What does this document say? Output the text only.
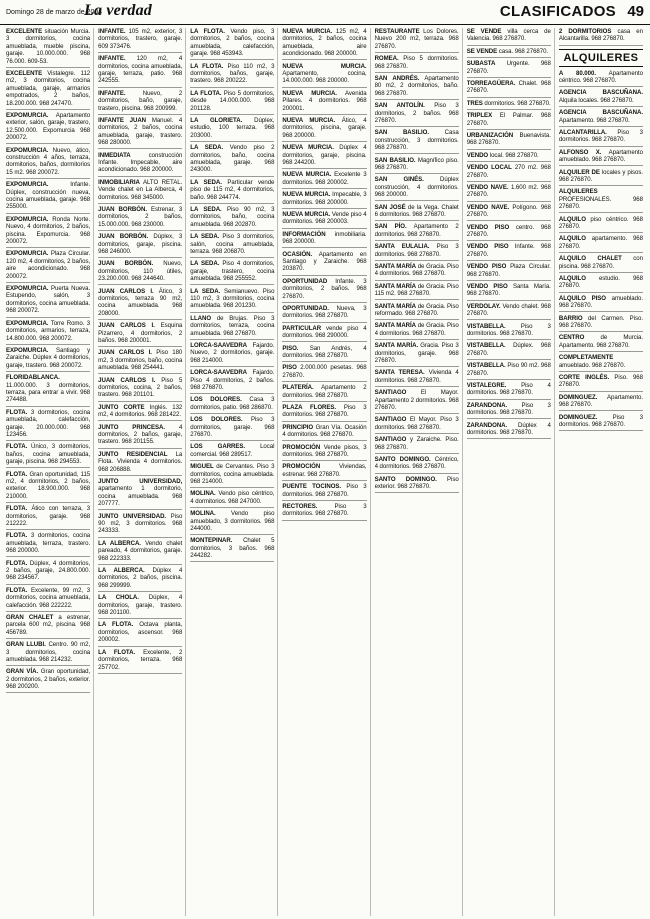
Domingo 28 de marzo de 2004
La verdad	CLASIFICADOS 49
EXCELENTE situación Murcia. 3 dormitorios, cocina amueblada, mueble piscina, garaje. 10.000.000. 968 76.000. 609-53.
EXCELENTE Vistalegre. 112 m2, 3 dormitorios, cocina amueblada, garaje, armarios empotrados, 2 baños, 18.200.000. 968 247470.
EXPOMURCIA. Apartamento exterior, salón, garaje, trastero, 12.500.000. Expomurcia 968 200072.
EXPOMURCIA. Nuevo, ático, construcción 4 años, terraza, dormitorios, baños, dormitorios 15 m2. 968 200072.
EXPOMURCIA.	Infante. Dúplex, construcción nueva, cocina amueblada, garaje. 968 255000.
EXPOMURCIA. Ronda Norte. Nuevo, 4 dormitorios, 2 baños, piscina. Expomurcia. 968 200072.
EXPOMURCIA. Plaza Circular. 120 m2, 4 dormitorios, 2 baños, aire acondicionado. 968 200072.
EXPOMURCIA. Puerta Nueva. Estupendo, salón, 3 dormitorios, cocina amueblada. 968 200072.
EXPOMURCIA. Torre Romo. 3 dormitorios, armarios, terraza, 14.800.000. 968 200072.
EXPOMURCIA. Santiago y Zaraiche. Dúplex 4 dormitorios, garaje, trastero. 968 200072.
FLORIDABLANCA. 11.000.000. 3 dormitorios, terraza, para entrar a vivir. 968 274488.
FLOTA. 3 dormitorios, cocina amueblada, calefacción, garaje. 20.000.000. 968 123456.
FLOTA. Único, 3 dormitorios, baños, cocina amueblada, garaje, piscina. 968 294553.
FLOTA. Gran oportunidad, 115 m2, 4 dormitorios, 2 baños, exterior. 18.900.000. 968 210000.
FLOTA. Ático con terraza, 3 dormitorios, garaje. 968 212222.
FLOTA. 3 dormitorios, cocina amueblada, terraza, trastero. 968 200000.
FLOTA. Dúplex, 4 dormitorios, 2 baños, garaje, 24.800.000. 968 234567.
FLOTA. Excelente, 99 m2, 3 dormitorios, cocina amueblada, calefacción. 968 222222.
GRAN CHALET a estrenar, parcela 600 m2, piscina. 968 456789.
GRAN LLUBI. Centro. 90 m2, 3 dormitorios, cocina amueblada. 968 214232.
GRAN VÍA. Gran oportunidad, 2 dormitorios, 2 baños, exterior. 968 200200.
INFANTE. 105 m2, exterior, 3 dormitorios, trastero, garaje. 609 373476.
INFANTE. 120 m2, 4 dormitorios, cocina amueblada, garaje, terraza, patio. 968 242555.
INFANTE.	Nuevo, 2 dormitorios, baño, garaje, trastero, piscina. 968 200999.
INFANTE JUAN Manuel. 4 dormitorios, 2 baños, cocina amueblada, garaje, trastero. 968 280000.
INMEDIATA	construcción Infante. Impecable, aire acondicionado. 968 200000.
INMOBILIARIA ALTO RETAL. Vende chalet en La Alberca, 4 dormitorios. 968 345000.
JUAN BORBÓN. Estrenar, 3 dormitorios, 2 baños, 15.000.000. 968 230000.
JUAN BORBÓN. Dúplex, 3 dormitorios, garaje, piscina. 968 246000.
JUAN BORBÓN. Nuevo, dormitorios, 110 útiles, 23.200.000. 968 244640.
JUAN CARLOS I. Ático, 3 dormitorios, terraza 90 m2, cocina amueblada. 968 208000.
JUAN CARLOS I. Esquina Pizarrero, 4 dormitorios, 2 baños. 968 200001.
JUAN CARLOS I. Piso 180 m2, 3 dormitorios, baño, cocina amueblada. 968 254441.
JUAN CARLOS I. Piso 5 dormitorios, cocina, 2 baños, trastero. 968 201101.
JUNTO CORTE Inglés. 132 m2, 4 dormitorios. 968 281422.
JUNTO PRINCESA. 4 dormitorios, 2 baños, garaje, trastero. 968 201155.
JUNTO RESIDENCIAL La Flota. Vivienda 4 dormitorios. 968 206888.
JUNTO UNIVERSIDAD, apartamento 1 dormitorio, cocina amueblada. 968 207777.
JUNTO UNIVERSIDAD. Piso 90 m2, 3 dormitorios. 968 243333.
LA ALBERCA. Vendo chalet pareado, 4 dormitorios, garaje. 968 222333.
LA ALBERCA. Dúplex 4 dormitorios, 2 baños, piscina. 968 299999.
LA CHOLA. Dúplex, 4 dormitorios, garaje, trastero. 968 201100.
LA FLOTA. Octava planta, dormitorios, ascensor. 968 200002.
LA FLOTA. Excelente, 2 dormitorios, terraza. 968 257702.
LA FLOTA. Vendo piso, 3 dormitorios, 2 baños, cocina amueblada, calefacción, garaje. 968 453943.
LA FLOTA. Piso 110 m2, 3 dormitorios, baños, garaje, trastero. 968 200222.
LA FLOTA. Piso 5 dormitorios, desde 14.000.000. 968 201128.
LA GLORIETA. Dúplex, estudio, 100 terraza. 968 203000.
LA SEDA. Vendo piso 2 dormitorios, baño, cocina amueblada, garaje. 968 243000.
LA SEDA. Particular vende piso de 115 m2, 4 dormitorios, baño. 968 244774.
LA SEDA. Piso 90 m2, 3 dormitorios, baño, cocina amueblada. 968 202870.
LA SEDA. Piso 3 dormitorios, salón, cocina amueblada, terraza. 968 206870.
LA SEDA. Piso 4 dormitorios, garaje, trastero, cocina amueblada. 968 255552.
LA SEDA. Semianuevo. Piso 110 m2, 3 dormitorios, cocina amueblada. 968 201230.
LLANO de Brujas. Piso 3 dormitorios, terraza, cocina amueblada. 968 276870.
LORCA-SAAVEDRA Fajardo. Nuevo, 2 dormitorios, garaje. 968 214000.
LORCA-SAAVEDRA Fajardo. Piso 4 dormitorios, 2 baños. 968 276870.
LOS DOLORES. Casa 3 dormitorios, patio. 968 286870.
LOS DOLORES. Piso 3 dormitorios, garaje. 968 276870.
LOS GARRES. Local comercial. 968 289517.
MIGUEL de Cervantes. Piso 3 dormitorios, cocina amueblada. 968 214000.
MOLINA. Vendo piso céntrico, 4 dormitorios. 968 247000.
MOLINA.	Vendo piso amueblado, 3 dormitorios. 968 244000.
MONTEPINAR. Chalet 5 dormitorios, 3 baños. 968 244282.
NUEVA MURCIA. 125 m2, 4 dormitorios, 2 baños, cocina amueblada, aire acondicionado. 968 200000.
NUEVA MURCIA. Apartamento, cocina, 14.000.000. 968 200000.
NUEVA MURCIA. Avenida Pilares. 4 dormitorios. 968 200001.
NUEVA MURCIA. Ático, 4 dormitorios, piscina, garaje. 968 200000.
NUEVA MURCIA. Dúplex 4 dormitorios, garaje, piscina. 968 244200.
NUEVA MURCIA. Excelente 3 dormitorios. 968 200002.
NUEVA MURCIA. Impecable, 3 dormitorios. 968 200000.
NUEVA MURCIA. Vende piso 4 dormitorios. 968 200003.
INFORMACIÓN inmobiliaria. 968 200000.
OCASIÓN. Apartamento en Santiago y Zaraiche. 968 203870.
OPORTUNIDAD Infante. 3 dormitorios, 2 baños. 968 276870.
OPORTUNIDAD. Nueva, 3 dormitorios. 968 276870.
PARTICULAR vende piso 4 dormitorios. 968 290000.
PISO. San Andrés, 4 dormitorios. 968 276870.
PISO 2.000.000 pesetas. 968 276870.
PLATERÍA. Apartamento 2 dormitorios. 968 276870.
PLAZA FLORES. Piso 3 dormitorios. 968 276870.
PRINCIPIO Gran Vía. Ocasión 4 dormitorios. 968 276870.
PROMOCIÓN Vende pisos, 3 dormitorios. 968 276870.
PROMOCIÓN	Viviendas, estrenar. 968 276870.
PUENTE TOCINOS. Piso 3 dormitorios. 968 276870.
RECTORES.	Piso 3 dormitorios. 968 276870.
RESTAURANTE Los Dolores. Nuevo 200 m2, terraza. 968 276870.
ROMEA. Piso 5 dormitorios. 968 276870.
SAN ANDRÉS. Apartamento 80 m2, 2 dormitorios, baño. 968 276870.
SAN ANTOLÍN. Piso 3 dormitorios, 2 baños. 968 276870.
SAN BASILIO.	Casa construcción, 3 dormitorios. 968 276870.
SAN BASILIO. Magnífico piso. 968 276870.
SAN GINÉS.	Dúplex construcción, 4 dormitorios. 968 200000.
SAN JOSÉ de la Vega. Chalet 6 dormitorios. 968 276870.
SAN PÍO. Apartamento 2 dormitorios. 968 276870.
SANTA EULALIA. Piso 3 dormitorios. 968 276870.
SANTA MARÍA de Gracia. Piso 4 dormitorios. 968 276870.
SANTA MARÍA de Gracia. Piso 115 m2. 968 276870.
SANTA MARÍA de Gracia. Piso reformado. 968 276870.
SANTA MARÍA de Gracia. Piso 4 dormitorios. 968 276870.
SANTA MARÍA. Gracia. Piso 3 dormitorios, garaje. 968 276870.
SANTA TERESA. Vivienda 4 dormitorios. 968 276870.
SANTIAGO El Mayor. Apartamento 2 dormitorios. 968 276870.
SANTIAGO El Mayor. Piso 3 dormitorios. 968 276870.
SANTIAGO y Zaraiche. Piso. 968 276870.
SANTO DOMINGO. Céntrico, 4 dormitorios. 968 276870.
SANTO DOMINGO. Piso exterior. 968 276870.
SE VENDE villa cerca de Valencia. 968 276870.
SE VENDE casa. 968 276870.
SUBASTA Urgente. 968 276870.
TORREAGÜERA. Chalet. 968 276870.
TRES dormitorios. 968 276870.
TRIPLEX El Palmar. 968 276870.
URBANIZACIÓN Buenavista. 968 276870.
VENDO local. 968 276870.
VENDO LOCAL 270 m2. 968 276870.
VENDO NAVE. 1.600 m2. 968 276870.
VENDO NAVE. Polígono. 968 276870.
VENDO PISO centro. 968 276870.
VENDO PISO Infante. 968 276870.
VENDO PISO Plaza Circular. 968 276870.
VENDO PISO Santa María. 968 276870.
VERDOLAY. Vendo chalet. 968 276870.
VISTABELLA. Piso 3 dormitorios. 968 276870.
VISTABELLA. Dúplex. 968 276870.
VISTABELLA. Piso 90 m2. 968 276870.
VISTALEGRE. Piso 4 dormitorios. 968 276870.
ZARANDONA. Piso 3 dormitorios. 968 276870.
ZARANDONA. Dúplex 4 dormitorios. 968 276870.
2 DORMITORIOS casa en Alcantarilla. 968 276870.
ALQUILERES
A 80.000. Apartamento céntrico. 968 276870.
AGENCIA BASCUÑANA. Alquila locales. 968 276870.
AGENCIA BASCUÑANA. Apartamento. 968 276870.
ALCANTARILLA. Piso 3 dormitorios. 968 276870.
ALFONSO X. Apartamento amueblado. 968 276870.
ALQUILER DE locales y pisos. 968 276870.
ALQUILERES PROFESIONALES. 968 276870.
ALQUILO piso céntrico. 968 276870.
ALQUILO apartamento. 968 276870.
ALQUILO CHALET con piscina. 968 276870.
ALQUILO estudio. 968 276870.
ALQUILO PISO amueblado. 968 276870.
BARRIO del Carmen. Piso. 968 276870.
CENTRO	de Murcia. Apartamento. 968 276870.
COMPLETAMENTE amueblado. 968 276870.
CORTE INGLÉS. Piso. 968 276870.
DOMINGUEZ. Apartamento. 968 276870.
DOMINGUEZ.	Piso 3 dormitorios. 968 276870.
